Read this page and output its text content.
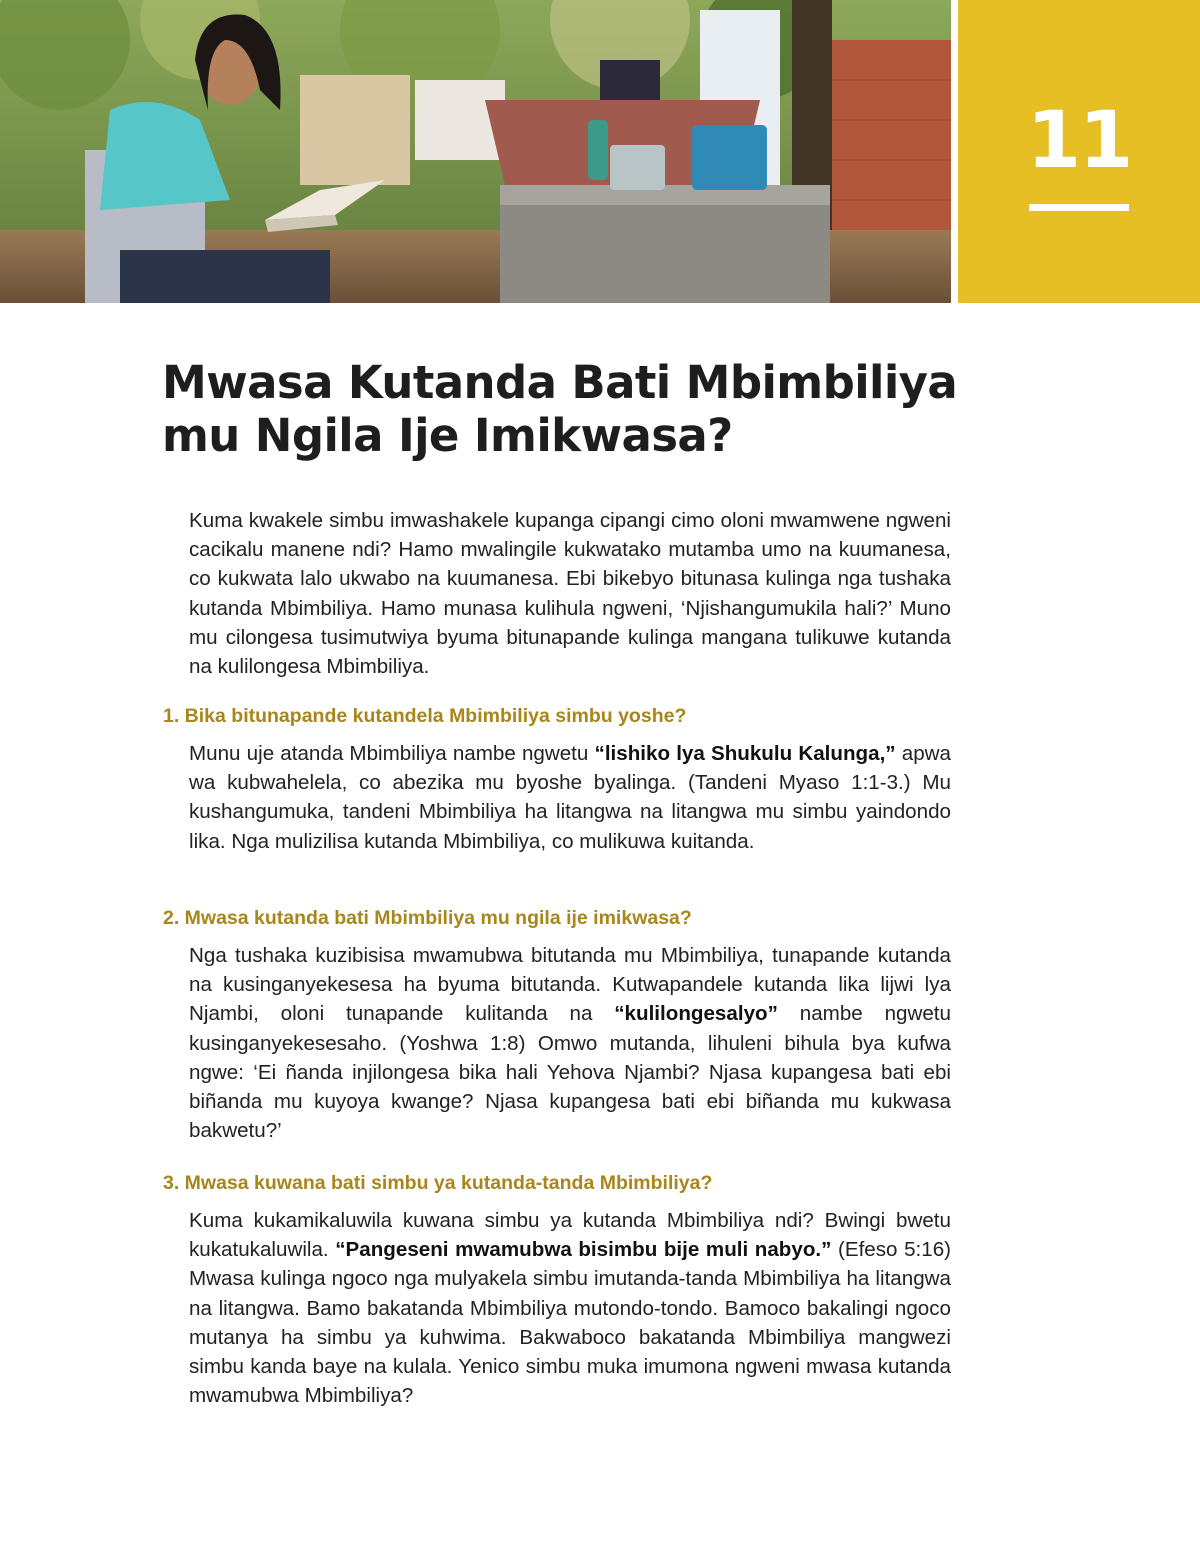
11
Mwasa Kutanda Bati Mbimbiliya
mu Ngila Ije Imikwasa?

Kuma kwakele simbu imwashakele kupanga cipangi cimo oloni mwamwene ngweni cacikalu manene ndi? Hamo mwalingile kukwatako mutamba umo na kuumanesa, co kukwata lalo ukwabo na kuumanesa. Ebi bikebyo bitunasa kulinga nga tushaka kutanda Mbimbiliya. Hamo munasa kulihula ngweni, ‘Njishangumukila hali?’ Muno mu cilongesa tusimutwiya byuma bitunapande kulinga mangana tulikuwe kutanda na kulilongesa Mbimbiliya.

1. Bika bitunapande kutandela Mbimbiliya simbu yoshe?

Munu uje atanda Mbimbiliya nambe ngwetu “lishiko lya Shukulu Kalunga,” apwa wa kubwahelela, co abezika mu byoshe byalinga. (Tandeni Myaso 1:1-3.) Mu kushangumuka, tandeni Mbimbiliya ha litangwa na litangwa mu simbu yaindondo lika. Nga mulizilisa kutanda Mbimbiliya, co mulikuwa kuitanda.

2. Mwasa kutanda bati Mbimbiliya mu ngila ije imikwasa?

Nga tushaka kuzibisisa mwamubwa bitutanda mu Mbimbiliya, tunapande kutanda na kusinganyekesesa ha byuma bitutanda. Kutwapandele kutanda lika lijwi lya Njambi, oloni tunapande kulitanda na “kulilongesalyo” nambe ngwetu kusinganyekesesaho. (Yoshwa 1:8) Omwo mutanda, lihuleni bihula bya kufwa ngwe: ‘Ei ñanda injilongesa bika hali Yehova Njambi? Njasa kupangesa bati ebi biñanda mu kuyoya kwange? Njasa kupangesa bati ebi biñanda mu kukwasa bakwetu?’

3. Mwasa kuwana bati simbu ya kutanda-tanda Mbimbiliya?

Kuma kukamikaluwila kuwana simbu ya kutanda Mbimbiliya ndi? Bwingi bwetu kukatukaluwila. “Pangeseni mwamubwa bisimbu bije muli nabyo.” (Efeso 5:16) Mwasa kulinga ngoco nga mulyakela simbu imutanda-tanda Mbimbiliya ha litangwa na litangwa. Bamo bakatanda Mbimbiliya mutondo-tondo. Bamoco bakalingi ngoco mutanya ha simbu ya kuhwima. Bakwaboco bakatanda Mbimbiliya mangwezi simbu kanda baye na kulala. Yenico simbu muka imumona ngweni mwasa kutanda mwamubwa Mbimbiliya?
